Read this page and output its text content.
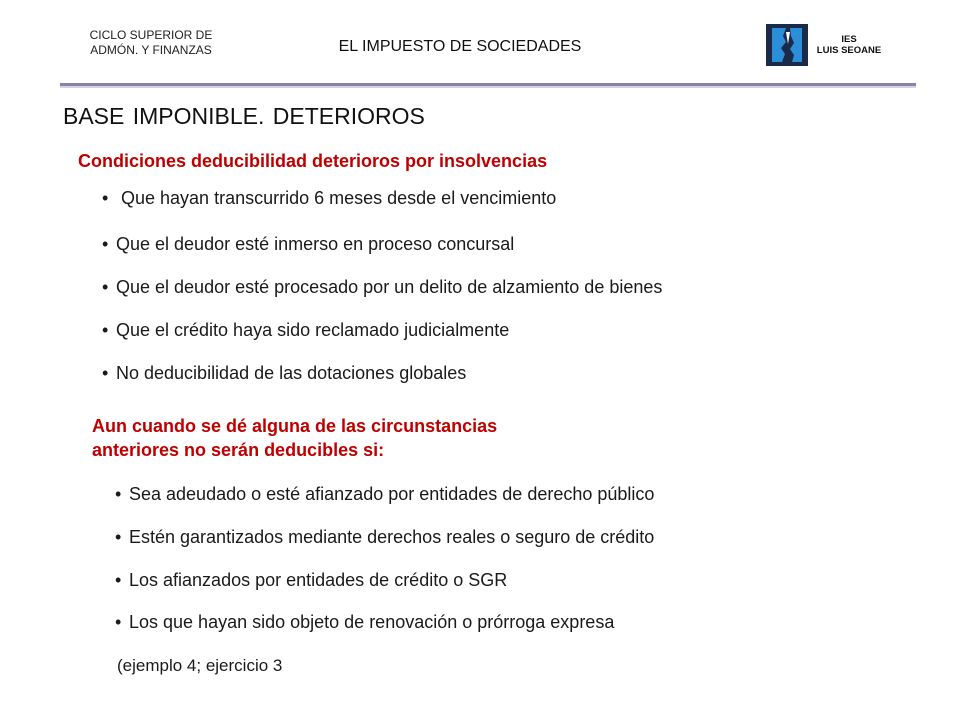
CICLO SUPERIOR DE
ADMÓN. Y FINANZAS	EL IMPUESTO DE SOCIEDADES	IES
LUIS SEOANE
BASE IMPONIBLE. DETERIOROS
Condiciones deducibilidad deterioros por insolvencias
• Que hayan transcurrido 6 meses desde el vencimiento
• Que el deudor esté inmerso en proceso concursal
• Que el deudor esté procesado por un delito de alzamiento de bienes
• Que el crédito haya sido reclamado judicialmente
• No deducibilidad de las dotaciones globales
Aun cuando se dé alguna de las circunstancias
anteriores no serán deducibles si:
• Sea adeudado o esté afianzado por entidades de derecho público
• Estén garantizados mediante derechos reales o seguro de crédito
• Los afianzados por entidades de crédito o SGR
• Los que hayan sido objeto de renovación o prórroga expresa
(ejemplo 4; ejercicio 3
